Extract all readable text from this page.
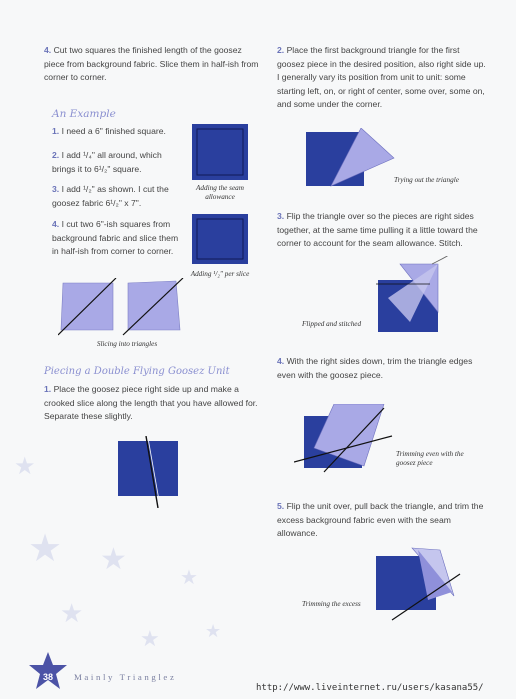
★
★ ★
★
★
★
★
4. Cut two squares the finished length of the goosez piece from background fabric. Slice them in half-ish from corner to corner.
An Example
1. I need a 6" finished square.
2. I add ¹/₄" all around, which brings it to 6¹/₂" square.
3. I add ¹/₂" as shown. I cut the goosez fabric 6¹/₂" x 7".
4. I cut two 6"-ish squares from background fabric and slice them in half-ish from corner to corner.
Adding the seam allowance
Adding ¹/₂" per slice
Slicing into triangles
Piecing a Double Flying Goosez Unit
1. Place the goosez piece right side up and make a crooked slice along the length that you have allowed for. Separate these slightly.
2. Place the first background triangle for the first goosez piece in the desired position, also right side up. I generally vary its position from unit to unit: some starting left, on, or right of center, some over, some on, and some under the corner.
Trying out the triangle
3. Flip the triangle over so the pieces are right sides together, at the same time pulling it a little toward the corner to account for the seam allowance. Stitch.
Flipped and stitched
4. With the right sides down, trim the triangle edges even with the goosez piece.
Trimming even with the goosez piece
5. Flip the unit over, pull back the triangle, and trim the excess background fabric even with the seam allowance.
Trimming the excess
38	Mainly Trianglez
http://www.liveinternet.ru/users/kasana55/
